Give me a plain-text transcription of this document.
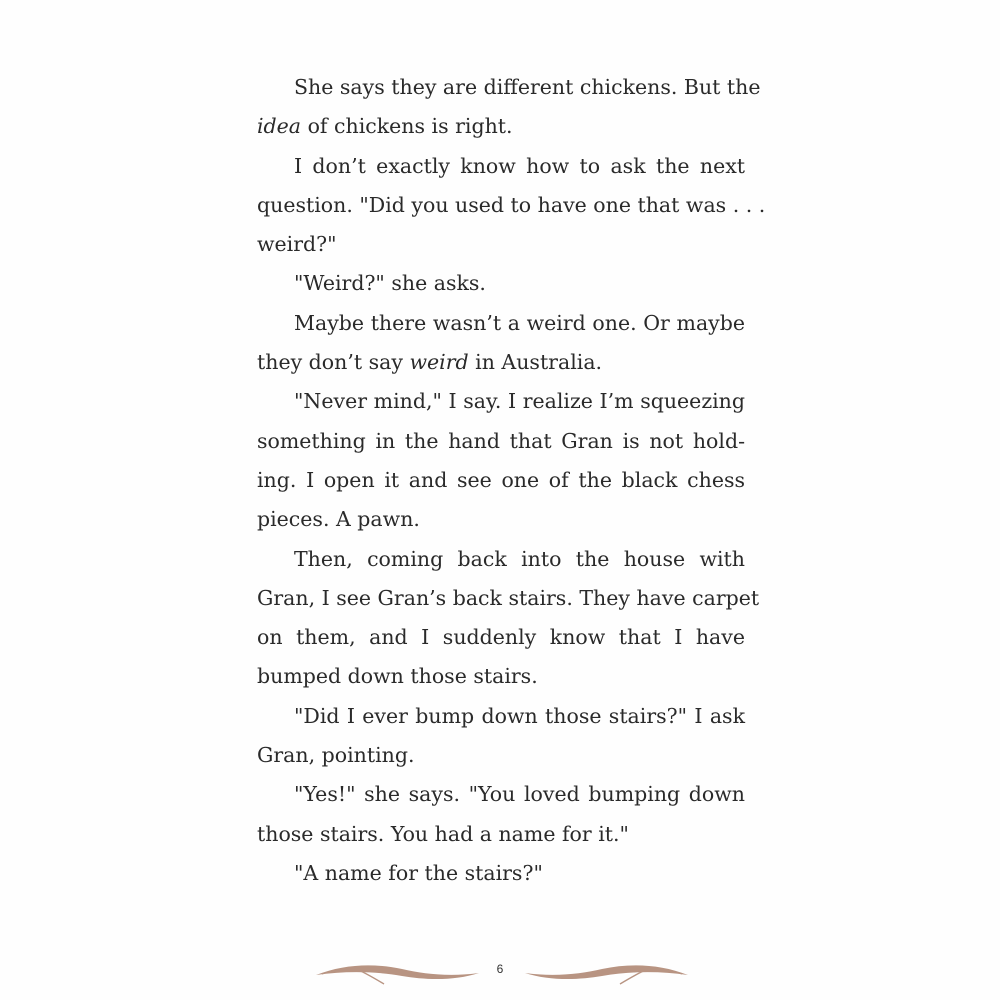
She says they are different chickens. But the
idea of chickens is right.
I don’t exactly know how to ask the next
question. "Did you used to have one that was . . .
weird?"
"Weird?" she asks.
Maybe there wasn’t a weird one. Or maybe
they don’t say weird in Australia.
"Never mind," I say. I realize I’m squeezing
something in the hand that Gran is not hold-
ing. I open it and see one of the black chess
pieces. A pawn.
Then, coming back into the house with
Gran, I see Gran’s back stairs. They have carpet
on them, and I suddenly know that I have
bumped down those stairs.
"Did I ever bump down those stairs?" I ask
Gran, pointing.
"Yes!" she says. "You loved bumping down
those stairs. You had a name for it."
"A name for the stairs?"
6
